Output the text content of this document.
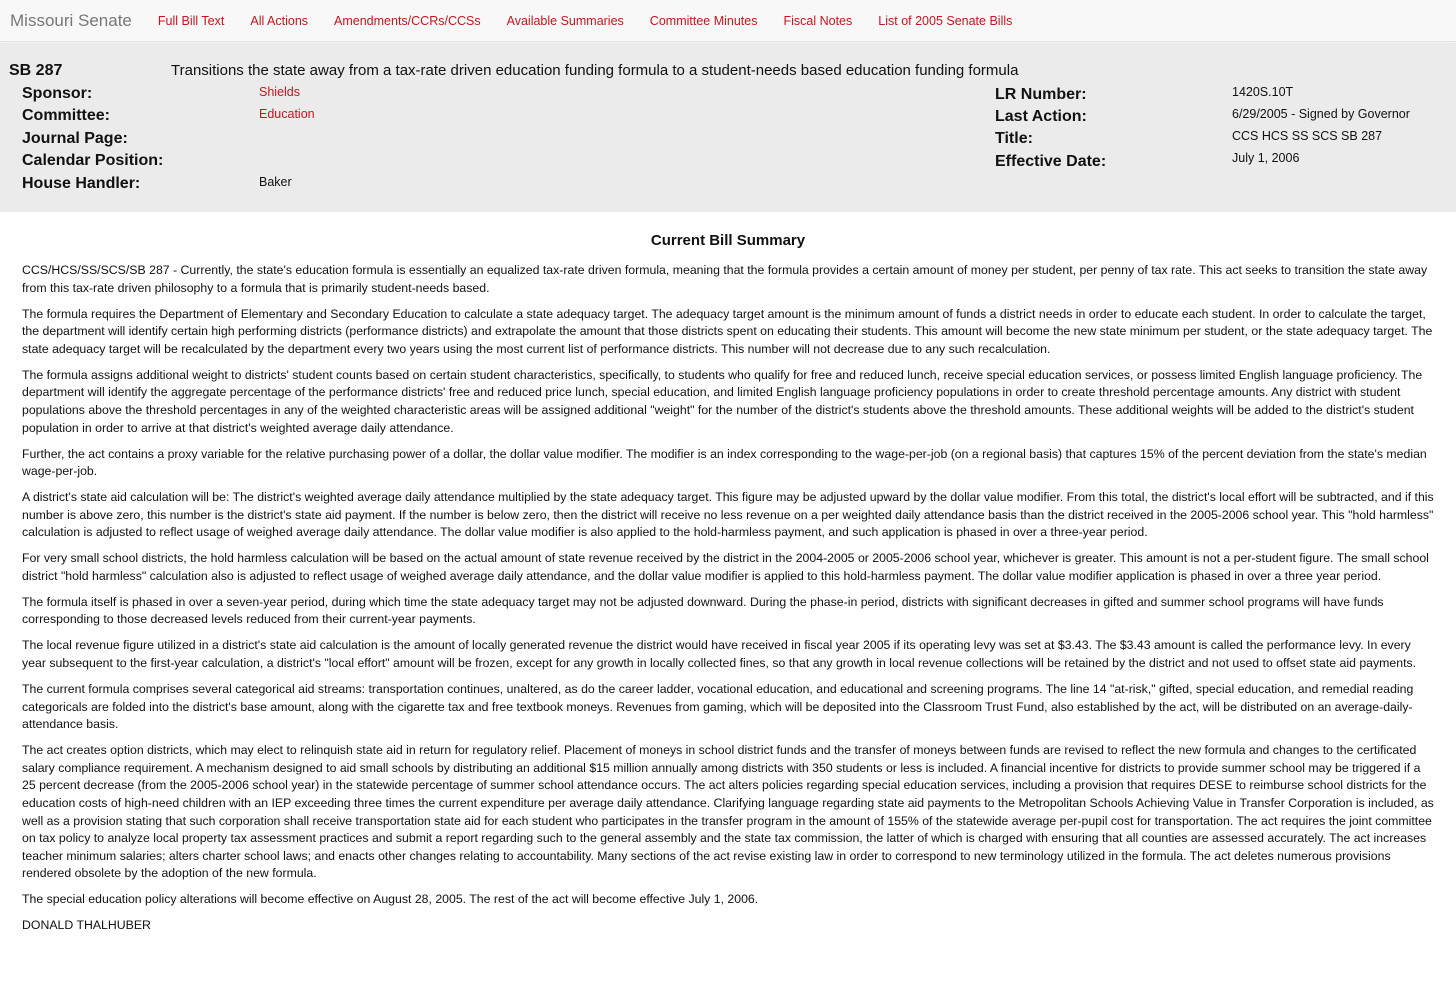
Missouri Senate Full Bill Text All Actions Amendments/CCRs/CCSs Available Summaries Committee Minutes Fiscal Notes List of 2005 Senate Bills
SB 287	Transitions the state away from a tax-rate driven education funding formula to a student-needs based education funding formula
Sponsor:	Shields
Committee:	Education
Journal Page:
Calendar Position:
House Handler:	Baker
LR Number:	1420S.10T
Last Action:	6/29/2005 - Signed by Governor
Title:	CCS HCS SS SCS SB 287
Effective Date:	July 1, 2006
Current Bill Summary

CCS/HCS/SS/SCS/SB 287 - Currently, the state's education formula is essentially an equalized tax-rate driven formula, meaning that the formula provides a certain amount of money per student, per penny of tax rate. This act seeks to transition the state away from this tax-rate driven philosophy to a formula that is primarily student-needs based.

The formula requires the Department of Elementary and Secondary Education to calculate a state adequacy target. The adequacy target amount is the minimum amount of funds a district needs in order to educate each student. In order to calculate the target, the department will identify certain high performing districts (performance districts) and extrapolate the amount that those districts spent on educating their students. This amount will become the new state minimum per student, or the state adequacy target. The state adequacy target will be recalculated by the department every two years using the most current list of performance districts. This number will not decrease due to any such recalculation.

The formula assigns additional weight to districts' student counts based on certain student characteristics, specifically, to students who qualify for free and reduced lunch, receive special education services, or possess limited English language proficiency. The department will identify the aggregate percentage of the performance districts' free and reduced price lunch, special education, and limited English language proficiency populations in order to create threshold percentage amounts. Any district with student populations above the threshold percentages in any of the weighted characteristic areas will be assigned additional "weight" for the number of the district's students above the threshold amounts. These additional weights will be added to the district's student population in order to arrive at that district's weighted average daily attendance.

Further, the act contains a proxy variable for the relative purchasing power of a dollar, the dollar value modifier. The modifier is an index corresponding to the wage-per-job (on a regional basis) that captures 15% of the percent deviation from the state's median wage-per-job.

A district's state aid calculation will be: The district's weighted average daily attendance multiplied by the state adequacy target. This figure may be adjusted upward by the dollar value modifier. From this total, the district's local effort will be subtracted, and if this number is above zero, this number is the district's state aid payment. If the number is below zero, then the district will receive no less revenue on a per weighted daily attendance basis than the district received in the 2005-2006 school year. This "hold harmless" calculation is adjusted to reflect usage of weighed average daily attendance. The dollar value modifier is also applied to the hold-harmless payment, and such application is phased in over a three-year period.

For very small school districts, the hold harmless calculation will be based on the actual amount of state revenue received by the district in the 2004-2005 or 2005-2006 school year, whichever is greater. This amount is not a per-student figure. The small school district "hold harmless" calculation also is adjusted to reflect usage of weighed average daily attendance, and the dollar value modifier is applied to this hold-harmless payment. The dollar value modifier application is phased in over a three year period.

The formula itself is phased in over a seven-year period, during which time the state adequacy target may not be adjusted downward. During the phase-in period, districts with significant decreases in gifted and summer school programs will have funds corresponding to those decreased levels reduced from their current-year payments.

The local revenue figure utilized in a district's state aid calculation is the amount of locally generated revenue the district would have received in fiscal year 2005 if its operating levy was set at $3.43. The $3.43 amount is called the performance levy. In every year subsequent to the first-year calculation, a district's "local effort" amount will be frozen, except for any growth in locally collected fines, so that any growth in local revenue collections will be retained by the district and not used to offset state aid payments.

The current formula comprises several categorical aid streams: transportation continues, unaltered, as do the career ladder, vocational education, and educational and screening programs. The line 14 "at-risk," gifted, special education, and remedial reading categoricals are folded into the district's base amount, along with the cigarette tax and free textbook moneys. Revenues from gaming, which will be deposited into the Classroom Trust Fund, also established by the act, will be distributed on an average-daily-attendance basis.

The act creates option districts, which may elect to relinquish state aid in return for regulatory relief. Placement of moneys in school district funds and the transfer of moneys between funds are revised to reflect the new formula and changes to the certificated salary compliance requirement. A mechanism designed to aid small schools by distributing an additional $15 million annually among districts with 350 students or less is included. A financial incentive for districts to provide summer school may be triggered if a 25 percent decrease (from the 2005-2006 school year) in the statewide percentage of summer school attendance occurs. The act alters policies regarding special education services, including a provision that requires DESE to reimburse school districts for the education costs of high-need children with an IEP exceeding three times the current expenditure per average daily attendance. Clarifying language regarding state aid payments to the Metropolitan Schools Achieving Value in Transfer Corporation is included, as well as a provision stating that such corporation shall receive transportation state aid for each student who participates in the transfer program in the amount of 155% of the statewide average per-pupil cost for transportation. The act requires the joint committee on tax policy to analyze local property tax assessment practices and submit a report regarding such to the general assembly and the state tax commission, the latter of which is charged with ensuring that all counties are assessed accurately. The act increases teacher minimum salaries; alters charter school laws; and enacts other changes relating to accountability. Many sections of the act revise existing law in order to correspond to new terminology utilized in the formula. The act deletes numerous provisions rendered obsolete by the adoption of the new formula.

The special education policy alterations will become effective on August 28, 2005. The rest of the act will become effective July 1, 2006.

DONALD THALHUBER
